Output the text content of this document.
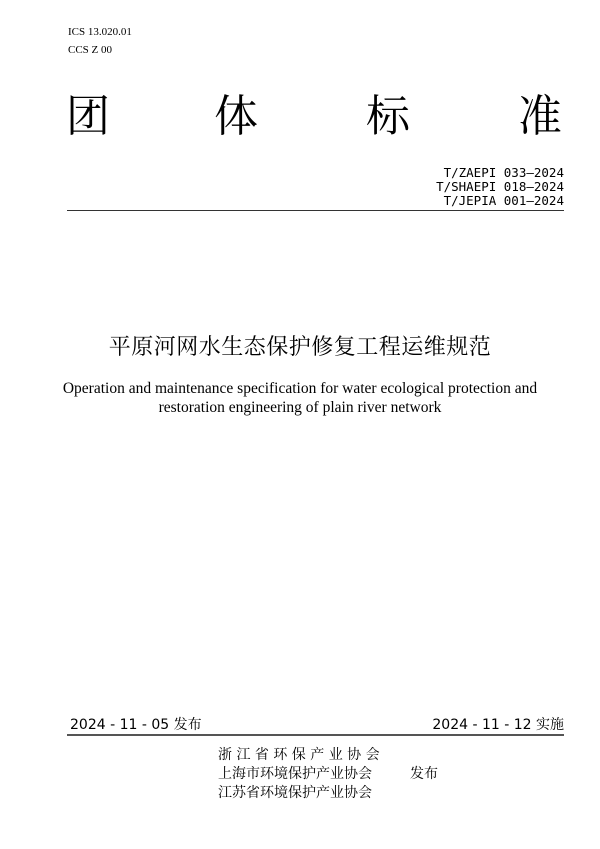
ICS 13.020.01
CCS Z 00
团 体 标 准
T/ZAEPI 033—2024
T/SHAEPI 018—2024
T/JEPIA 001—2024
平原河网水生态保护修复工程运维规范
Operation and maintenance specification for water ecological protection and
restoration engineering of plain river network
2024 - 11 - 05 发布	2024 - 11 - 12 实施
浙 江 省 环 保 产 业 协 会
上海市环境保护产业协会
江苏省环境保护产业协会
发布
